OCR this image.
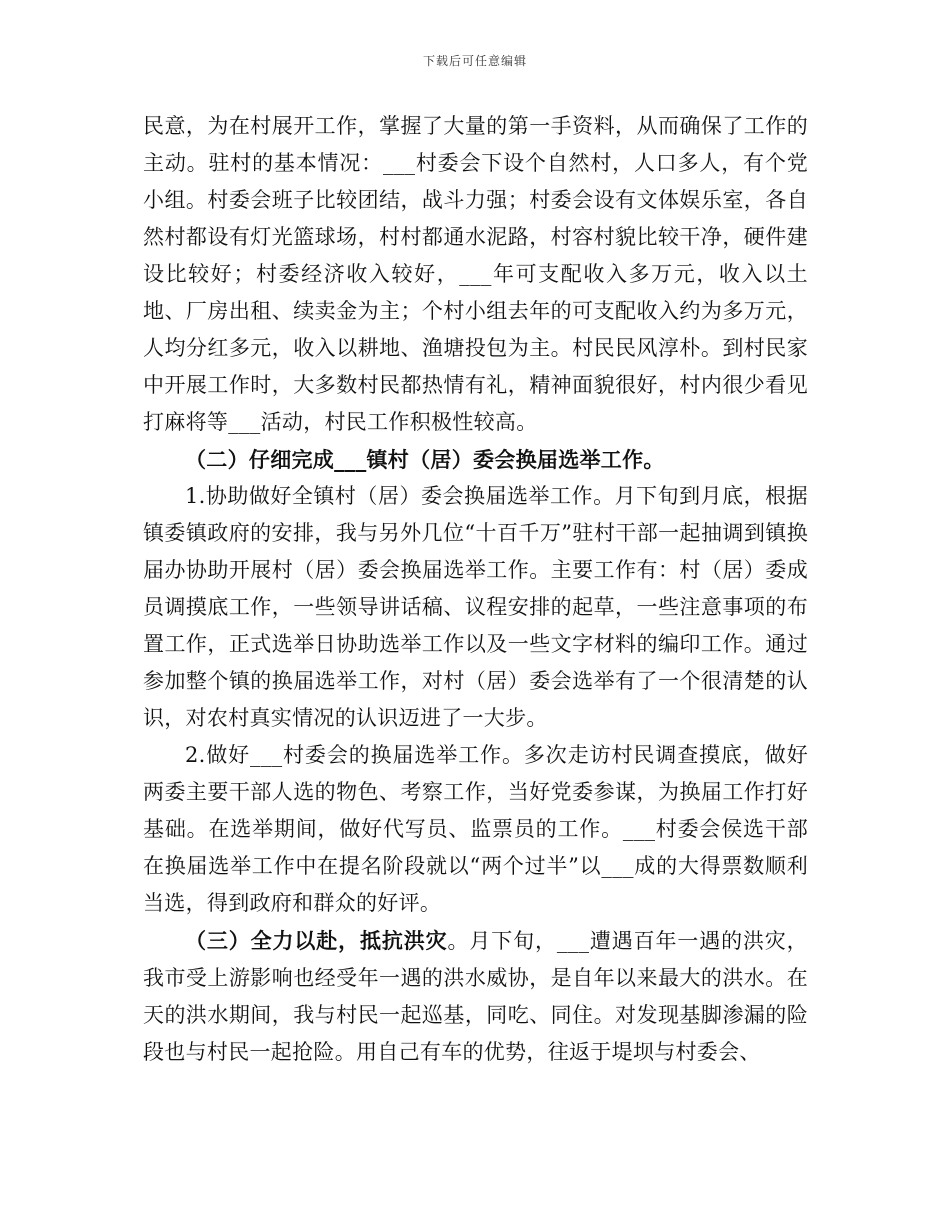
下载后可任意编辑

民意，为在村展开工作，掌握了大量的第一手资料，从而确保了工作的主动。驻村的基本情况：___村委会下设个自然村，人口多人，有个党小组。村委会班子比较团结，战斗力强；村委会设有文体娱乐室，各自然村都设有灯光篮球场，村村都通水泥路，村容村貌比较干净，硬件建设比较好；村委经济收入较好，___年可支配收入多万元，收入以土地、厂房出租、续卖金为主；个村小组去年的可支配收入约为多万元，人均分红多元，收入以耕地、渔塘投包为主。村民民风淳朴。到村民家中开展工作时，大多数村民都热情有礼，精神面貌很好，村内很少看见打麻将等___活动，村民工作积极性较高。

（二）仔细完成___镇村（居）委会换届选举工作。

1.协助做好全镇村（居）委会换届选举工作。月下旬到月底，根据镇委镇政府的安排，我与另外几位“十百千万”驻村干部一起抽调到镇换届办协助开展村（居）委会换届选举工作。主要工作有：村（居）委成员调摸底工作，一些领导讲话稿、议程安排的起草，一些注意事项的布置工作，正式选举日协助选举工作以及一些文字材料的编印工作。通过参加整个镇的换届选举工作，对村（居）委会选举有了一个很清楚的认识，对农村真实情况的认识迈进了一大步。

2.做好___村委会的换届选举工作。多次走访村民调查摸底，做好两委主要干部人选的物色、考察工作，当好党委参谋，为换届工作打好基础。在选举期间，做好代写员、监票员的工作。___村委会侯选干部在换届选举工作中在提名阶段就以“两个过半”以___成的大得票数顺利当选，得到政府和群众的好评。

（三）全力以赴，抵抗洪灾。月下旬，___遭遇百年一遇的洪灾，我市受上游影响也经受年一遇的洪水威协，是自年以来最大的洪水。在天的洪水期间，我与村民一起巡基，同吃、同住。对发现基脚渗漏的险段也与村民一起抢险。用自己有车的优势，往返于堤坝与村委会、
